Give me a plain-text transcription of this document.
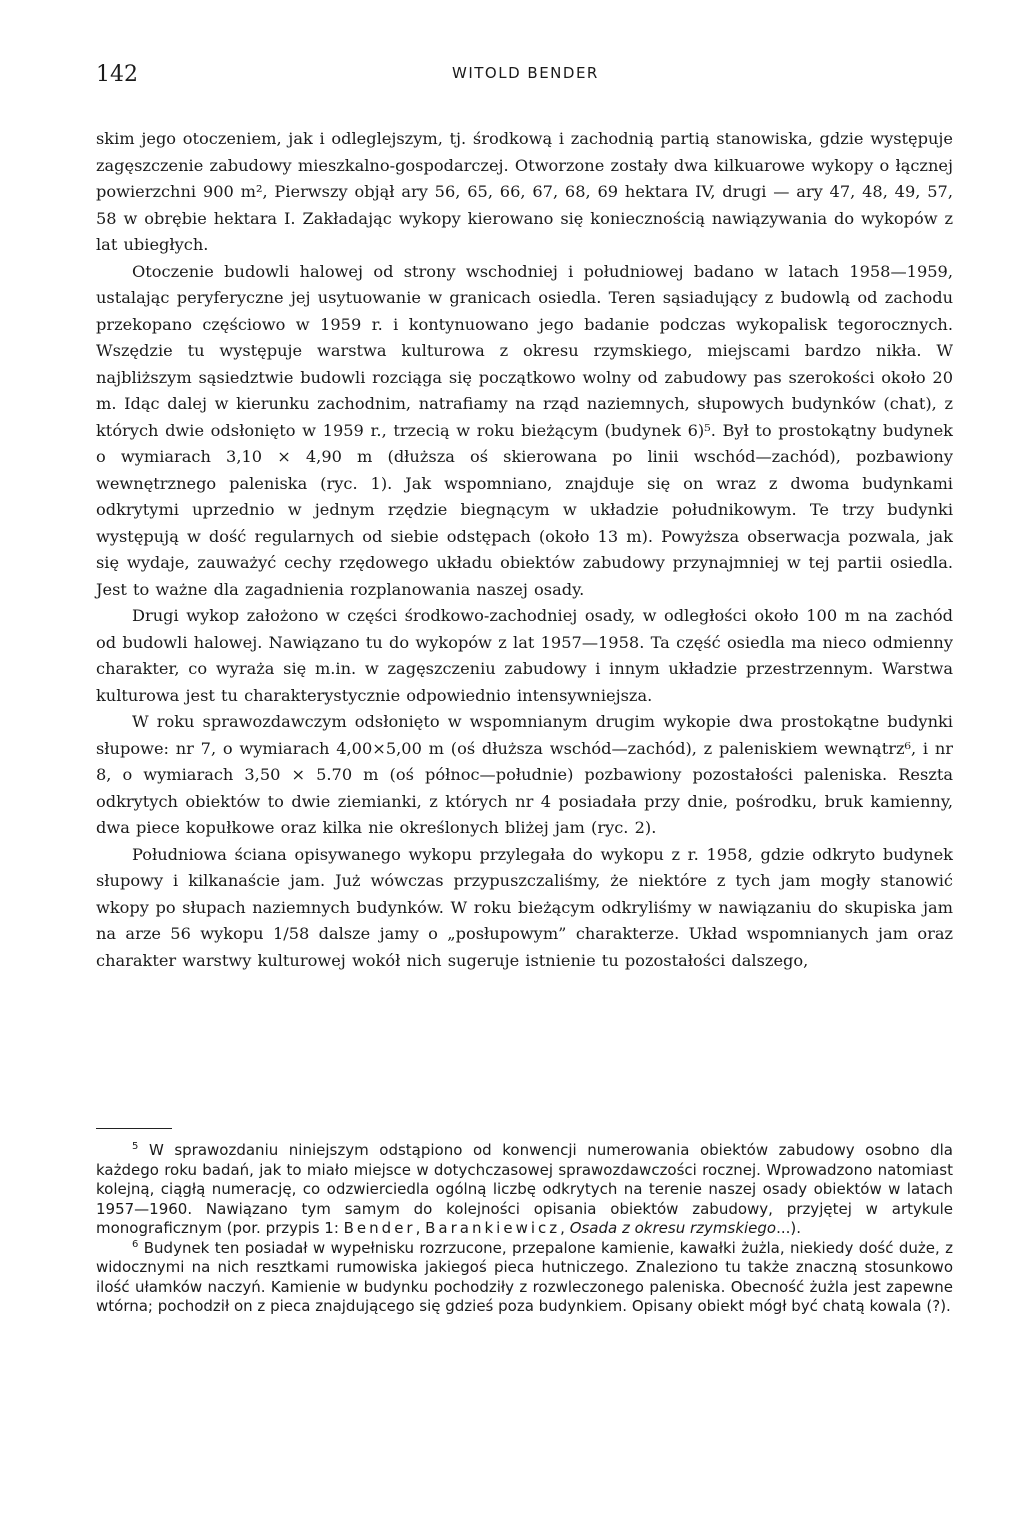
142	WITOLD BENDER

skim jego otoczeniem, jak i odleglejszym, tj. środkową i zachodnią partią stanowiska, gdzie występuje zagęszczenie zabudowy mieszkalno-gospodarczej. Otworzone zostały dwa kilkuarowe wykopy o łącznej powierzchni 900 m², Pierwszy objął ary 56, 65, 66, 67, 68, 69 hektara IV, drugi — ary 47, 48, 49, 57, 58 w obrębie hektara I. Zakładając wykopy kierowano się koniecznością nawiązywania do wykopów z lat ubiegłych.

Otoczenie budowli halowej od strony wschodniej i południowej badano w latach 1958—1959, ustalając peryferyczne jej usytuowanie w granicach osiedla. Teren sąsiadujący z budowlą od zachodu przekopano częściowo w 1959 r. i kontynuowano jego badanie podczas wykopalisk tegorocznych. Wszędzie tu występuje warstwa kulturowa z okresu rzymskiego, miejscami bardzo nikła. W najbliższym sąsiedztwie budowli rozciąga się początkowo wolny od zabudowy pas szerokości około 20 m. Idąc dalej w kierunku zachodnim, natrafiamy na rząd naziemnych, słupowych budynków (chat), z których dwie odsłonięto w 1959 r., trzecią w roku bieżącym (budynek 6)⁵. Był to prostokątny budynek o wymiarach 3,10 × 4,90 m (dłuższa oś skierowana po linii wschód—zachód), pozbawiony wewnętrznego paleniska (ryc. 1). Jak wspomniano, znajduje się on wraz z dwoma budynkami odkrytymi uprzednio w jednym rzędzie biegnącym w układzie południkowym. Te trzy budynki występują w dość regularnych od siebie odstępach (około 13 m). Powyższa obserwacja pozwala, jak się wydaje, zauważyć cechy rzędowego układu obiektów zabudowy przynajmniej w tej partii osiedla. Jest to ważne dla zagadnienia rozplanowania naszej osady.

Drugi wykop założono w części środkowo-zachodniej osady, w odległości około 100 m na zachód od budowli halowej. Nawiązano tu do wykopów z lat 1957—1958. Ta część osiedla ma nieco odmienny charakter, co wyraża się m.in. w zagęszczeniu zabudowy i innym układzie przestrzennym. Warstwa kulturowa jest tu charakterystycznie odpowiednio intensywniejsza.

W roku sprawozdawczym odsłonięto w wspomnianym drugim wykopie dwa prostokątne budynki słupowe: nr 7, o wymiarach 4,00×5,00 m (oś dłuższa wschód—zachód), z paleniskiem wewnątrz⁶, i nr 8, o wymiarach 3,50 × 5.70 m (oś północ—południe) pozbawiony pozostałości paleniska. Reszta odkrytych obiektów to dwie ziemianki, z których nr 4 posiadała przy dnie, pośrodku, bruk kamienny, dwa piece kopułkowe oraz kilka nie określonych bliżej jam (ryc. 2).

Południowa ściana opisywanego wykopu przylegała do wykopu z r. 1958, gdzie odkryto budynek słupowy i kilkanaście jam. Już wówczas przypuszczaliśmy, że niektóre z tych jam mogły stanowić wkopy po słupach naziemnych budynków. W roku bieżącym odkryliśmy w nawiązaniu do skupiska jam na arze 56 wykopu 1/58 dalsze jamy o „posłupowym” charakterze. Układ wspomnianych jam oraz charakter warstwy kulturowej wokół nich sugeruje istnienie tu pozostałości dalszego,

$^5$ W sprawozdaniu niniejszym odstąpiono od konwencji numerowania obiektów zabudowy osobno dla każdego roku badań, jak to miało miejsce w dotychczasowej sprawozdawczości rocznej. Wprowadzono natomiast kolejną, ciągłą numerację, co odzwierciedla ogólną liczbę odkrytych na terenie naszej osady obiektów w latach 1957—1960. Nawiązano tym samym do kolejności opisania obiektów zabudowy, przyjętej w artykule monograficznym (por. przypis 1: Bender, Barankiewicz, Osada z okresu rzymskiego...).

$^6$ Budynek ten posiadał w wypełnisku rozrzucone, przepalone kamienie, kawałki żużla, niekiedy dość duże, z widocznymi na nich resztkami rumowiska jakiegoś pieca hutniczego. Znaleziono tu także znaczną stosunkowo ilość ułamków naczyń. Kamienie w budynku pochodziły z rozwleczonego paleniska. Obecność żużla jest zapewne wtórna; pochodził on z pieca znajdującego się gdzieś poza budynkiem. Opisany obiekt mógł być chatą kowala (?).
